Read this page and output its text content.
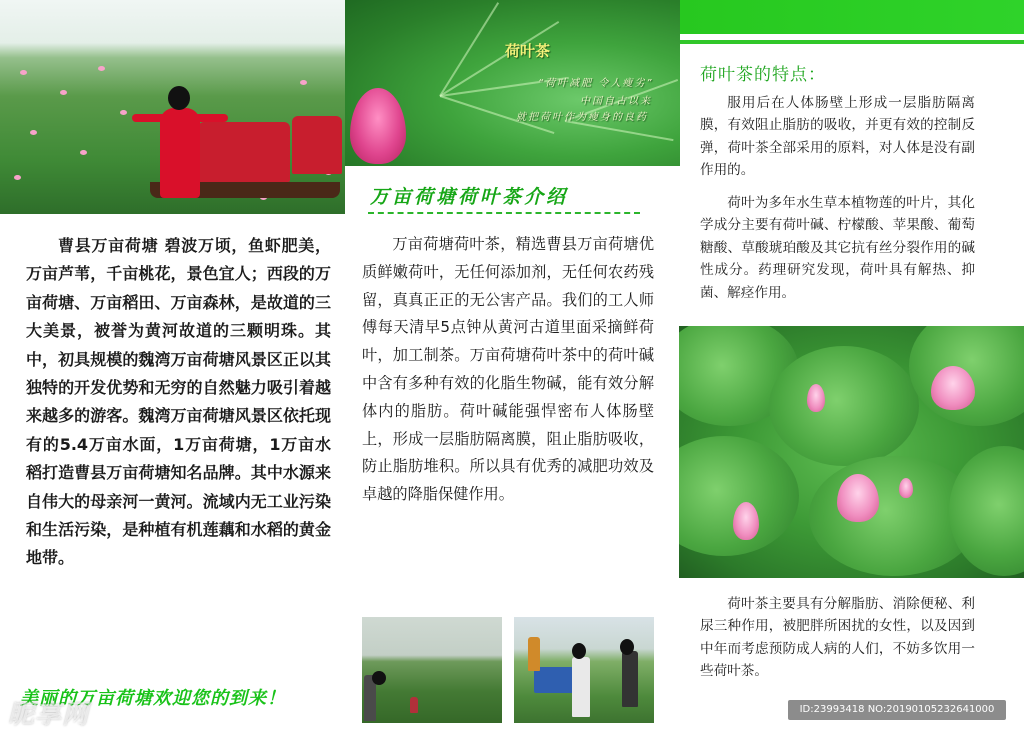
曹县万亩荷塘 碧波万顷，鱼虾肥美，万亩芦苇，千亩桃花，景色宜人；西段的万亩荷塘、万亩稻田、万亩森林，是故道的三大美景，被誉为黄河故道的三颗明珠。其中，初具规模的魏湾万亩荷塘风景区正以其独特的开发优势和无穷的自然魅力吸引着越来越多的游客。魏湾万亩荷塘风景区依托现有的5.4万亩水面，1万亩荷塘，1万亩水稻打造曹县万亩荷塘知名品牌。其中水源来自伟大的母亲河一黄河。流域内无工业污染和生活污染，是种植有机莲藕和水稻的黄金地带。
美丽的万亩荷塘欢迎您的到来！
荷叶茶
“荷叶减肥 令人瘦劣”
中国自古以来
就把荷叶作为瘦身的良药
万亩荷塘荷叶茶介绍
万亩荷塘荷叶茶，精选曹县万亩荷塘优质鲜嫩荷叶，无任何添加剂，无任何农药残留，真真正正的无公害产品。我们的工人师傅每天清早5点钟从黄河古道里面采摘鲜荷叶，加工制茶。万亩荷塘荷叶茶中的荷叶碱中含有多种有效的化脂生物碱，能有效分解体内的脂肪。荷叶碱能强悍密布人体肠壁上，形成一层脂肪隔离膜，阻止脂肪吸收，防止脂肪堆积。所以具有优秀的减肥功效及卓越的降脂保健作用。
荷叶茶的特点：
服用后在人体肠壁上形成一层脂肪隔离膜，有效阻止脂肪的吸收，并更有效的控制反弹，荷叶茶全部采用的原料，对人体是没有副作用的。
荷叶为多年水生草本植物莲的叶片，其化学成分主要有荷叶碱、柠檬酸、苹果酸、葡萄糖酸、草酸琥珀酸及其它抗有丝分裂作用的碱性成分。药理研究发现，荷叶具有解热、抑菌、解痉作用。
荷叶茶主要具有分解脂肪、消除便秘、利尿三种作用，被肥胖所困扰的女性，以及因到中年而考虑预防成人病的人们，不妨多饮用一些荷叶茶。
昵享网	ID:23993418 NO:20190105232641000
